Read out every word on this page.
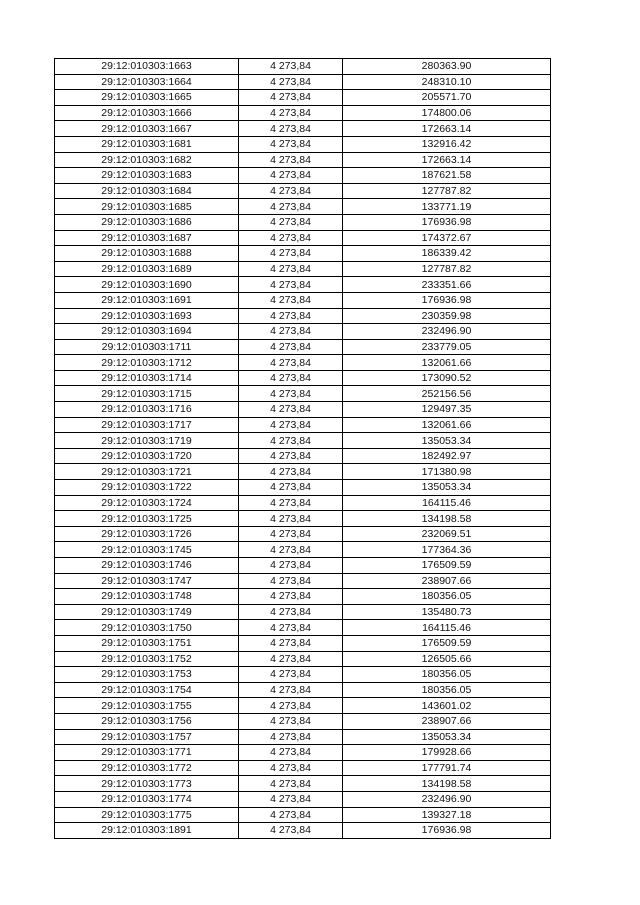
29:12:010303:1663	4 273,84	280363.90
29:12:010303:1664	4 273,84	248310.10
29:12:010303:1665	4 273,84	205571.70
29:12:010303:1666	4 273,84	174800.06
29:12:010303:1667	4 273,84	172663.14
29:12:010303:1681	4 273,84	132916.42
29:12:010303:1682	4 273,84	172663.14
29:12:010303:1683	4 273,84	187621.58
29:12:010303:1684	4 273,84	127787.82
29:12:010303:1685	4 273,84	133771.19
29:12:010303:1686	4 273,84	176936.98
29:12:010303:1687	4 273,84	174372.67
29:12:010303:1688	4 273,84	186339.42
29:12:010303:1689	4 273,84	127787.82
29:12:010303:1690	4 273,84	233351.66
29:12:010303:1691	4 273,84	176936.98
29:12:010303:1693	4 273,84	230359.98
29:12:010303:1694	4 273,84	232496.90
29:12:010303:1711	4 273,84	233779.05
29:12:010303:1712	4 273,84	132061.66
29:12:010303:1714	4 273,84	173090.52
29:12:010303:1715	4 273,84	252156.56
29:12:010303:1716	4 273,84	129497.35
29:12:010303:1717	4 273,84	132061.66
29:12:010303:1719	4 273,84	135053.34
29:12:010303:1720	4 273,84	182492.97
29:12:010303:1721	4 273,84	171380.98
29:12:010303:1722	4 273,84	135053.34
29:12:010303:1724	4 273,84	164115.46
29:12:010303:1725	4 273,84	134198.58
29:12:010303:1726	4 273,84	232069.51
29:12:010303:1745	4 273,84	177364.36
29:12:010303:1746	4 273,84	176509.59
29:12:010303:1747	4 273,84	238907.66
29:12:010303:1748	4 273,84	180356.05
29:12:010303:1749	4 273,84	135480.73
29:12:010303:1750	4 273,84	164115.46
29:12:010303:1751	4 273,84	176509.59
29:12:010303:1752	4 273,84	126505.66
29:12:010303:1753	4 273,84	180356.05
29:12:010303:1754	4 273,84	180356.05
29:12:010303:1755	4 273,84	143601.02
29:12:010303:1756	4 273,84	238907.66
29:12:010303:1757	4 273,84	135053.34
29:12:010303:1771	4 273,84	179928.66
29:12:010303:1772	4 273,84	177791.74
29:12:010303:1773	4 273,84	134198.58
29:12:010303:1774	4 273,84	232496.90
29:12:010303:1775	4 273,84	139327.18
29:12:010303:1891	4 273,84	176936.98
